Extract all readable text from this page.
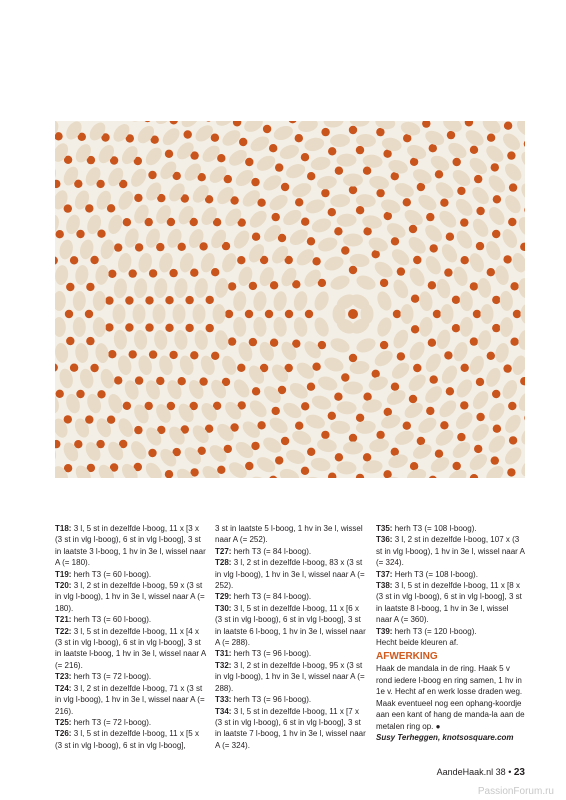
T18: 3 l, 5 st in dezelfde l-boog, 11 x [3 x (3 st in vlg l-boog), 6 st in vlg l-boog], 3 st in laatste 3 l-boog, 1 hv in 3e l, wissel naar A (= 180).

T19: herh T3 (= 60 l-boog).

T20: 3 l, 2 st in dezelfde l-boog, 59 x (3 st in vlg l-boog), 1 hv in 3e l, wissel naar A (= 180).

T21: herh T3 (= 60 l-boog).

T22: 3 l, 5 st in dezelfde l-boog, 11 x [4 x (3 st in vlg l-boog), 6 st in vlg l-boog], 3 st in laatste l-boog, 1 hv in 3e l, wissel naar A (= 216).

T23: herh T3 (= 72 l-boog).

T24: 3 l, 2 st in dezelfde l-boog, 71 x (3 st in vlg l-boog), 1 hv in 3e l, wissel naar A (= 216).

T25: herh T3 (= 72 l-boog).

T26: 3 l, 5 st in dezelfde l-boog, 11 x [5 x (3 st in vlg l-boog), 6 st in vlg l-boog],

3 st in laatste 5 l-boog, 1 hv in 3e l, wissel naar A (= 252).

T27: herh T3 (= 84 l-boog).

T28: 3 l, 2 st in dezelfde l-boog, 83 x (3 st in vlg l-boog), 1 hv in 3e l, wissel naar A (= 252).

T29: herh T3 (= 84 l-boog).

T30: 3 l, 5 st in dezelfde l-boog, 11 x [6 x (3 st in vlg l-boog), 6 st in vlg l-boog], 3 st in laatste 6 l-boog, 1 hv in 3e l, wissel naar A (= 288).

T31: herh T3 (= 96 l-boog).

T32: 3 l, 2 st in dezelfde l-boog, 95 x (3 st in vlg l-boog), 1 hv in 3e l, wissel naar A (= 288).

T33: herh T3 (= 96 l-boog).

T34: 3 l, 5 st in dezelfde l-boog, 11 x [7 x (3 st in vlg l-boog), 6 st in vlg l-boog], 3 st in laatste 7 l-boog, 1 hv in 3e l, wissel naar A (= 324).

T35: herh T3 (= 108 l-boog).

T36: 3 l, 2 st in dezelfde l-boog, 107 x (3 st in vlg l-boog), 1 hv in 3e l, wissel naar A (= 324).

T37: Herh T3 (= 108 l-boog).

T38: 3 l, 5 st in dezelfde l-boog, 11 x [8 x (3 st in vlg l-boog), 6 st in vlg l-boog], 3 st in laatste 8 l-boog, 1 hv in 3e l, wissel naar A (= 360).

T39: herh T3 (= 120 l-boog).

Hecht beide kleuren af.

AFWERKING

Haak de mandala in de ring. Haak 5 v rond iedere l-boog en ring samen, 1 hv in 1e v. Hecht af en werk losse draden weg. Maak eventueel nog een ophang-koordje aan een kant of hang de manda-la aan de metalen ring op. ●

Susy Terheggen, knotsosquare.com

AandeHaak.nl 38 • 23
PassionForum.ru
